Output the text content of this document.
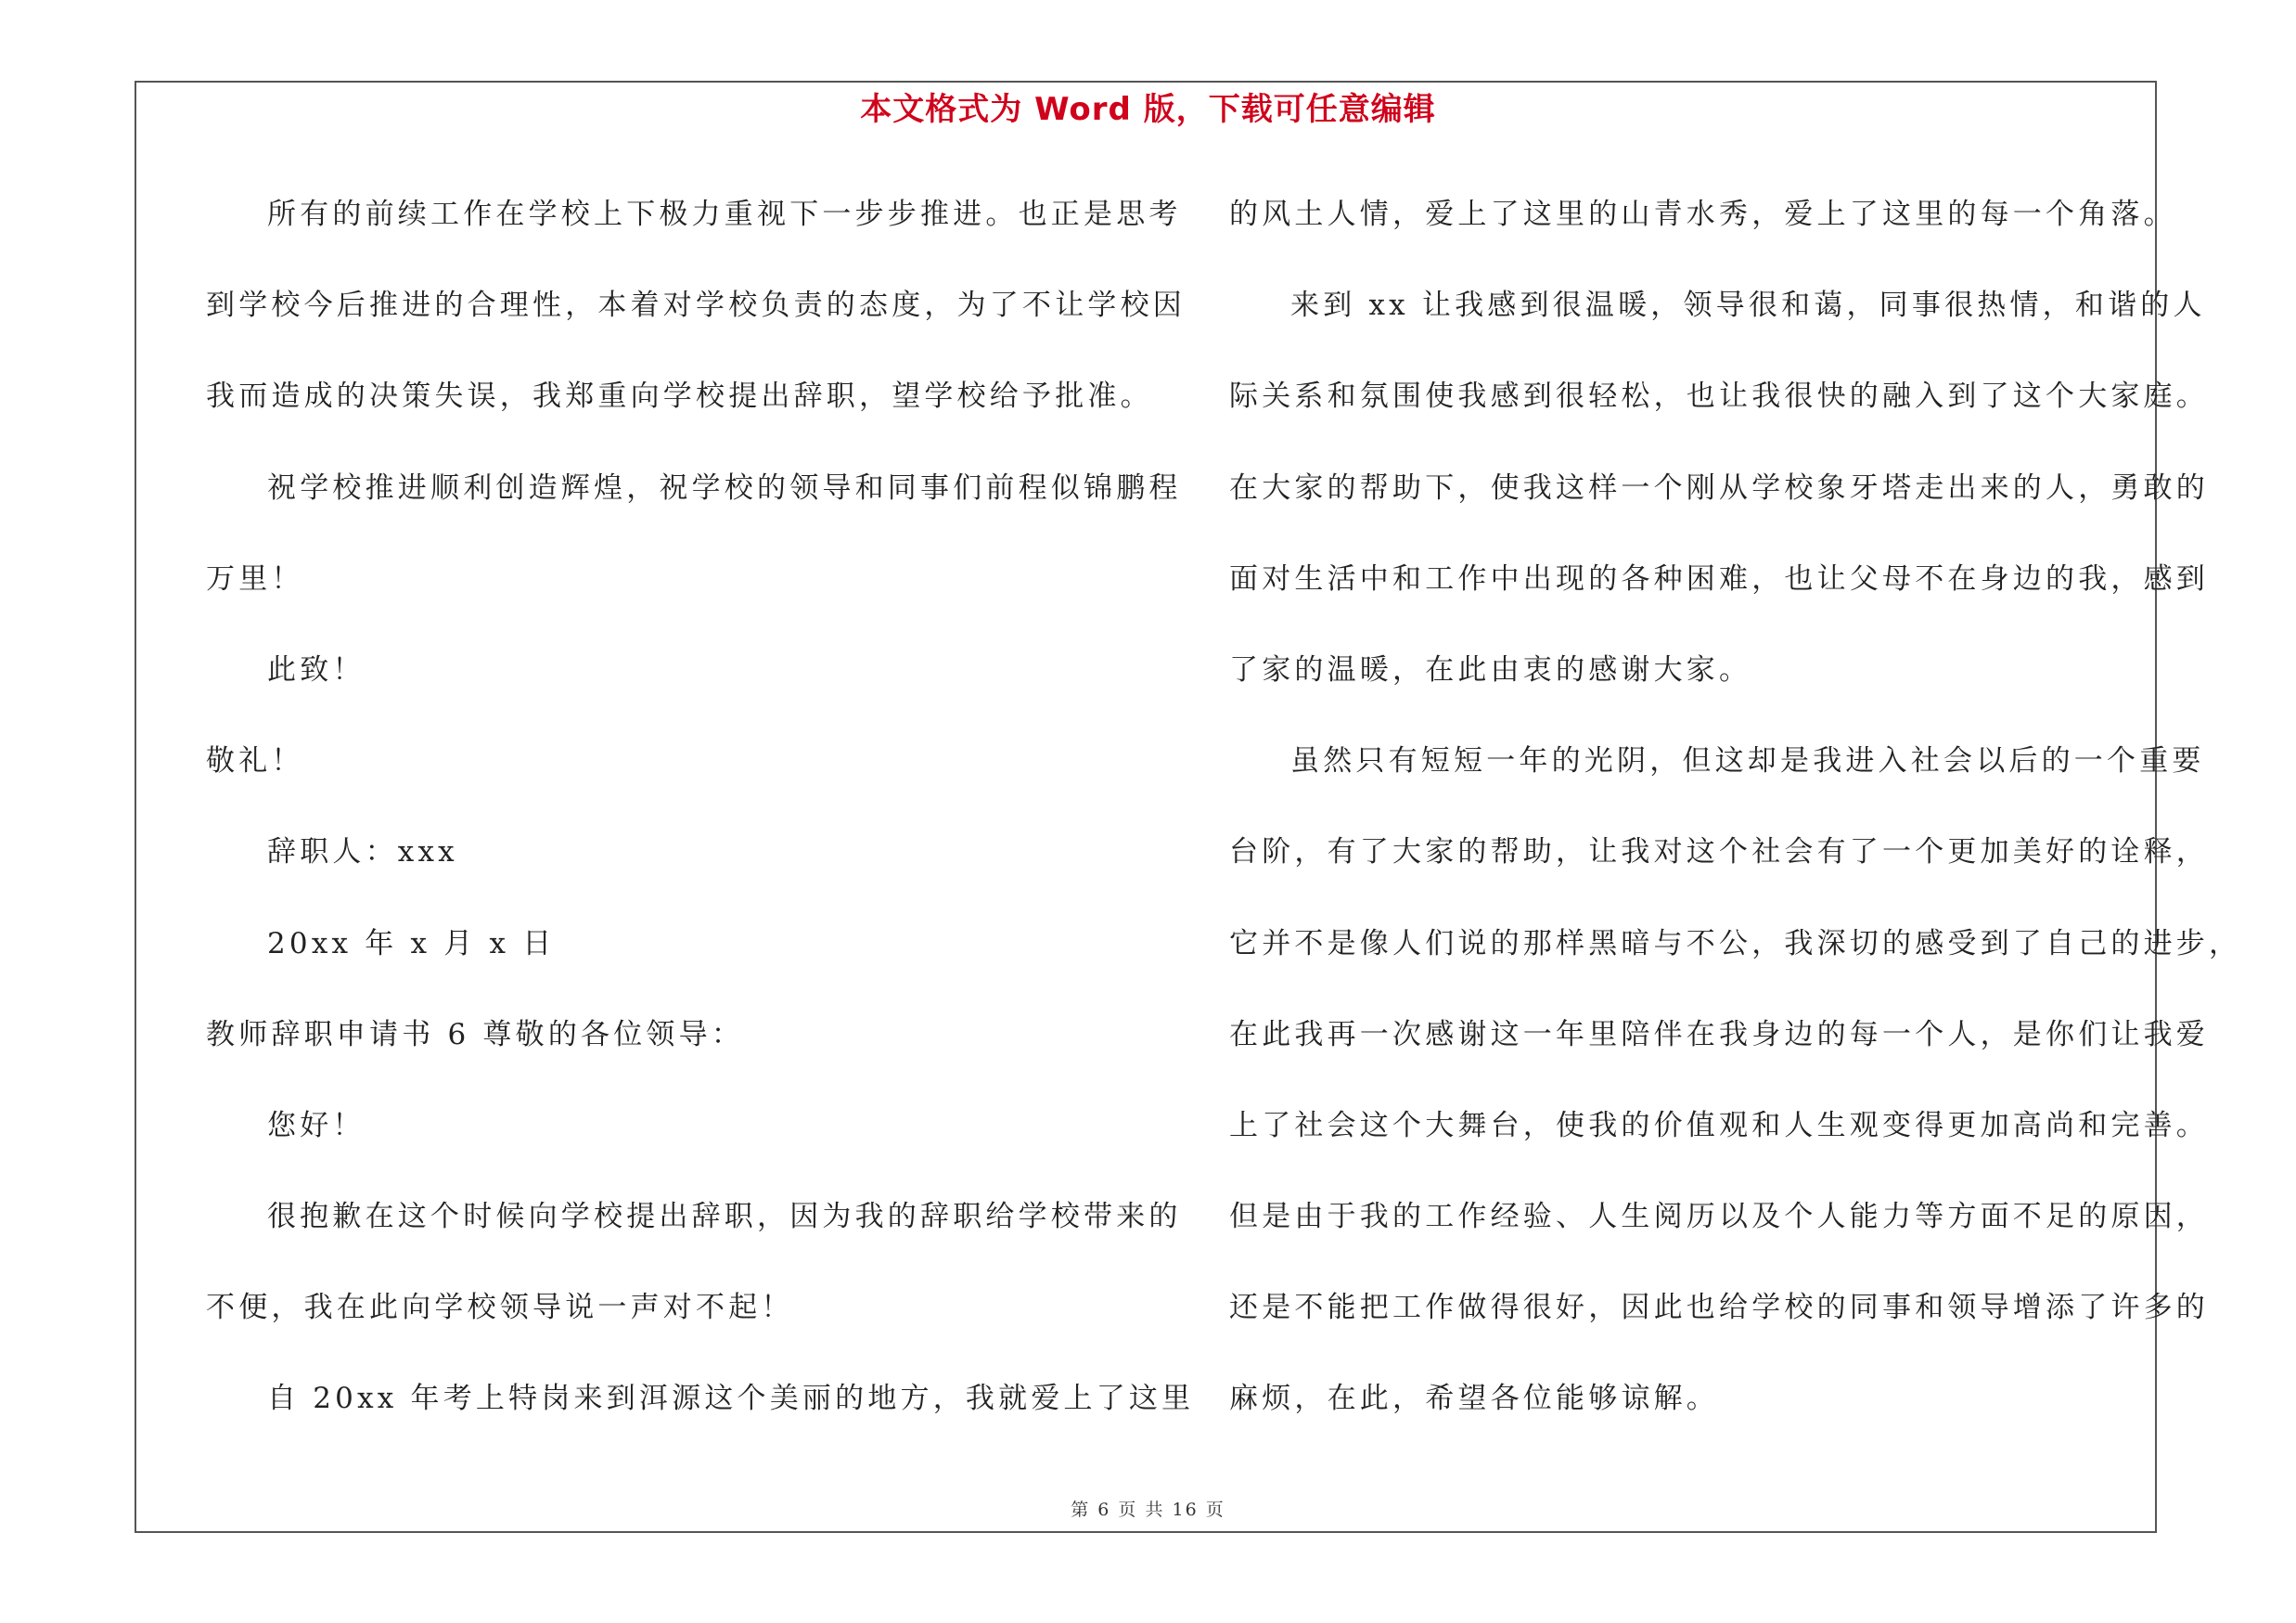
本文格式为 Word 版，下载可任意编辑
所有的前续工作在学校上下极力重视下一步步推进。也正是思考
到学校今后推进的合理性，本着对学校负责的态度，为了不让学校因
我而造成的决策失误，我郑重向学校提出辞职，望学校给予批准。
祝学校推进顺利创造辉煌，祝学校的领导和同事们前程似锦鹏程
万里！
此致！
敬礼！
辞职人：xxx
20xx 年 x 月 x 日
教师辞职申请书 6 尊敬的各位领导：
您好！
很抱歉在这个时候向学校提出辞职，因为我的辞职给学校带来的
不便，我在此向学校领导说一声对不起！
自 20xx 年考上特岗来到洱源这个美丽的地方，我就爱上了这里
的风土人情，爱上了这里的山青水秀，爱上了这里的每一个角落。
来到 xx 让我感到很温暖，领导很和蔼，同事很热情，和谐的人
际关系和氛围使我感到很轻松，也让我很快的融入到了这个大家庭。
在大家的帮助下，使我这样一个刚从学校象牙塔走出来的人，勇敢的
面对生活中和工作中出现的各种困难，也让父母不在身边的我，感到
了家的温暖，在此由衷的感谢大家。
虽然只有短短一年的光阴，但这却是我进入社会以后的一个重要
台阶，有了大家的帮助，让我对这个社会有了一个更加美好的诠释，
它并不是像人们说的那样黑暗与不公，我深切的感受到了自己的进步，
在此我再一次感谢这一年里陪伴在我身边的每一个人，是你们让我爱
上了社会这个大舞台，使我的价值观和人生观变得更加高尚和完善。
但是由于我的工作经验、人生阅历以及个人能力等方面不足的原因，
还是不能把工作做得很好，因此也给学校的同事和领导增添了许多的
麻烦，在此，希望各位能够谅解。
第 6 页 共 16 页
